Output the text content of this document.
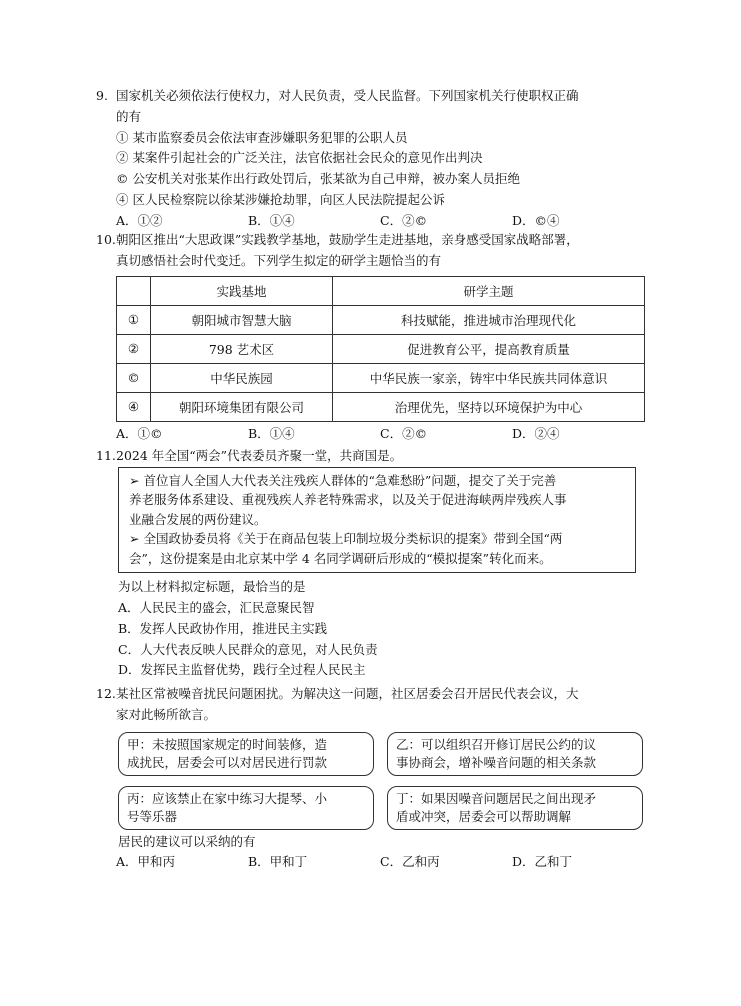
9. 国家机关必须依法行使权力，对人民负责，受人民监督。下列国家机关行使职权正确
的有
① 某市监察委员会依法审查涉嫌职务犯罪的公职人员
② 某案件引起社会的广泛关注，法官依据社会民众的意见作出判决
© 公安机关对张某作出行政处罚后，张某欲为自己申辩，被办案人员拒绝
④ 区人民检察院以徐某涉嫌抢劫罪，向区人民法院提起公诉
A．①②	B．①④	C．②©	D．©④
10.朝阳区推出“大思政课”实践教学基地，鼓励学生走进基地，亲身感受国家战略部署，
真切感悟社会时代变迁。下列学生拟定的研学主题恰当的有
	实践基地	研学主题
①	朝阳城市智慧大脑	科技赋能，推进城市治理现代化
②	798 艺术区	促进教育公平，提高教育质量
©	中华民族园	中华民族一家亲，铸牢中华民族共同体意识
④	朝阳环境集团有限公司	治理优先，坚持以环境保护为中心
A．①©	B．①④	C．②©	D．②④
11.2024 年全国“两会”代表委员齐聚一堂，共商国是。

➢ 首位盲人全国人大代表关注残疾人群体的“急难愁盼”问题，提交了关于完善

养老服务体系建设、重视残疾人养老特殊需求，以及关于促进海峡两岸残疾人事

业融合发展的两份建议。

➢ 全国政协委员将《关于在商品包装上印制垃圾分类标识的提案》带到全国“两

会”，这份提案是由北京某中学 4 名同学调研后形成的“模拟提案”转化而来。

为以上材料拟定标题，最恰当的是
A．人民民主的盛会，汇民意聚民智
B．发挥人民政协作用，推进民主实践
C．人大代表反映人民群众的意见，对人民负责
D．发挥民主监督优势，践行全过程人民民主
12.某社区常被噪音扰民问题困扰。为解决这一问题，社区居委会召开居民代表会议，大
家对此畅所欲言。

甲：未按照国家规定的时间装修，造

成扰民，居委会可以对居民进行罚款

乙：可以组织召开修订居民公约的议

事协商会，增补噪音问题的相关条款

丙：应该禁止在家中练习大提琴、小

号等乐器

丁：如果因噪音问题居民之间出现矛

盾或冲突，居委会可以帮助调解

居民的建议可以采纳的有
A．甲和丙	B．甲和丁	C．乙和丙	D．乙和丁
